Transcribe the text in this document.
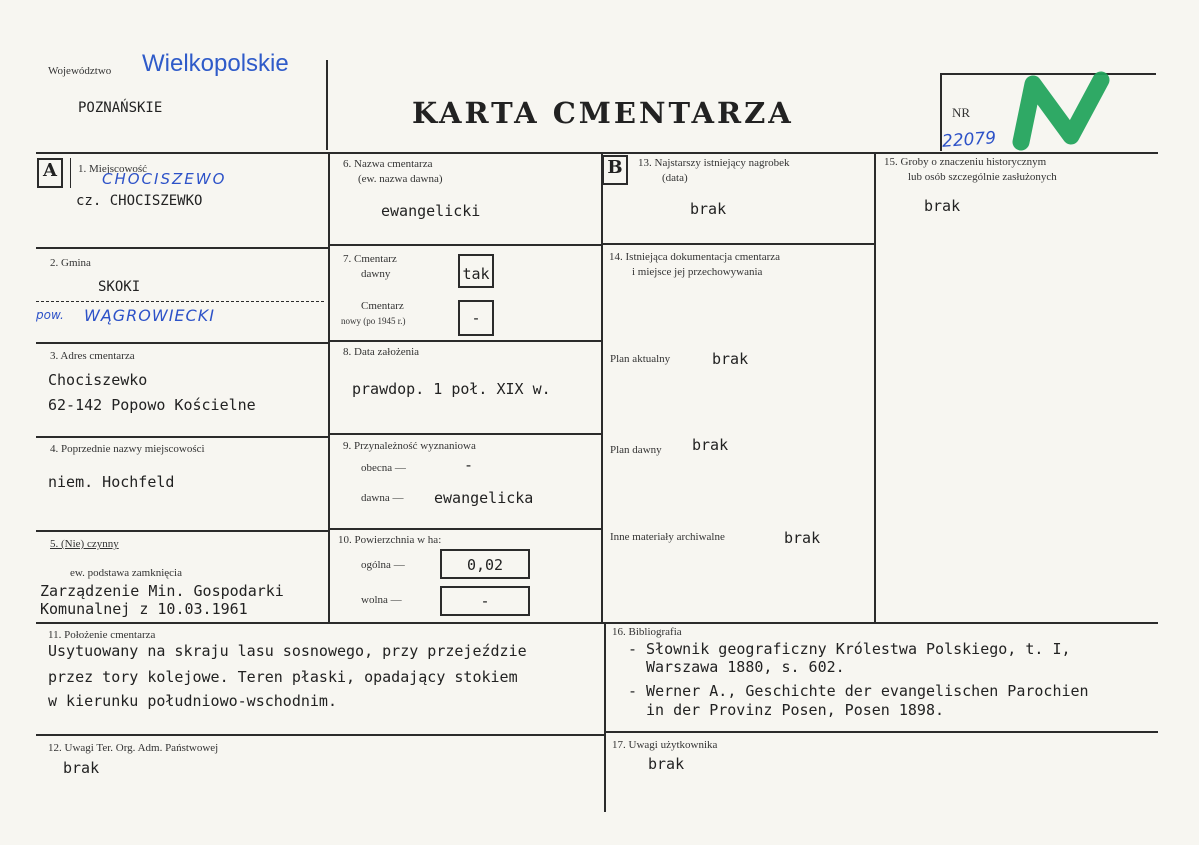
Województwo Wielkopolskie
POZNAŃSKIE	KARTA CMENTARZA	NR
22079
A	1. Miejscowość
CHOCISZEWO
cz. CHOCISZEWKO
2. Gmina
SKOKI
pow. WĄGROWIECKI
3. Adres cmentarza
Chociszewko
62-142 Popowo Kościelne
4. Poprzednie nazwy miejscowości
niem. Hochfeld
5. (Nie) czynny
ew. podstawa zamknięcia
Zarządzenie Min. Gospodarki
Komunalnej z 10.03.1961
6. Nazwa cmentarza
(ew. nazwa dawna)
ewangelicki
7. Cmentarz
dawny	tak
Cmentarz
nowy (po 1945 r.)	-
8. Data założenia
prawdop. 1 poł. XIX w.
9. Przynależność wyznaniowa
obecna —	-
dawna — ewangelicka
10. Powierzchnia w ha:
ogólna —	0,02
wolna —	-
B	13. Najstarszy istniejący nagrobek
(data)
brak
14. Istniejąca dokumentacja cmentarza
i miejsce jej przechowywania
Plan aktualny	brak
Plan dawny brak
Inne materiały archiwalne	brak
15. Groby o znaczeniu historycznym
lub osób szczególnie zasłużonych
brak
11. Położenie cmentarza
Usytuowany na skraju lasu sosnowego, przy przejeździe
przez tory kolejowe. Teren płaski, opadający stokiem
w kierunku południowo-wschodnim.
16. Bibliografia
- Słownik geograficzny Królestwa Polskiego, t. I,
Warszawa 1880, s. 602.
- Werner A., Geschichte der evangelischen Parochien
in der Provinz Posen, Posen 1898.
12. Uwagi Ter. Org. Adm. Państwowej
brak
17. Uwagi użytkownika
brak
